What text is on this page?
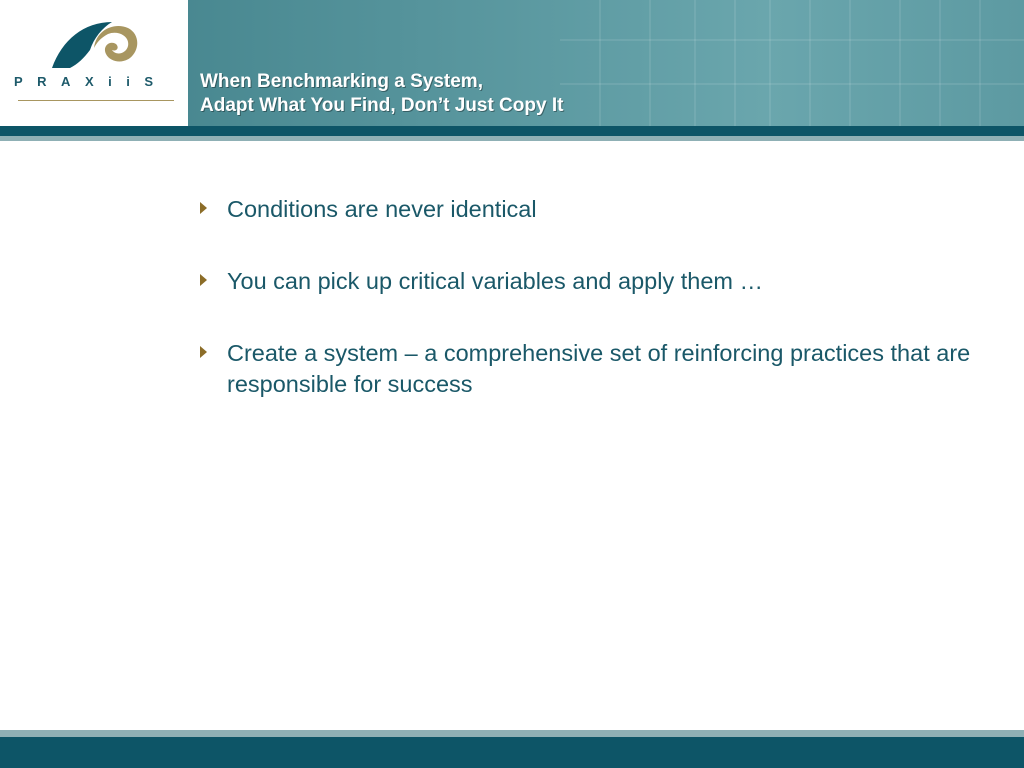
PRAXiiS	When Benchmarking a System,
Adapt What You Find, Don’t Just Copy It
Conditions are never identical
You can pick up critical variables and apply them …
Create a system – a comprehensive set of reinforcing practices that are responsible for success
